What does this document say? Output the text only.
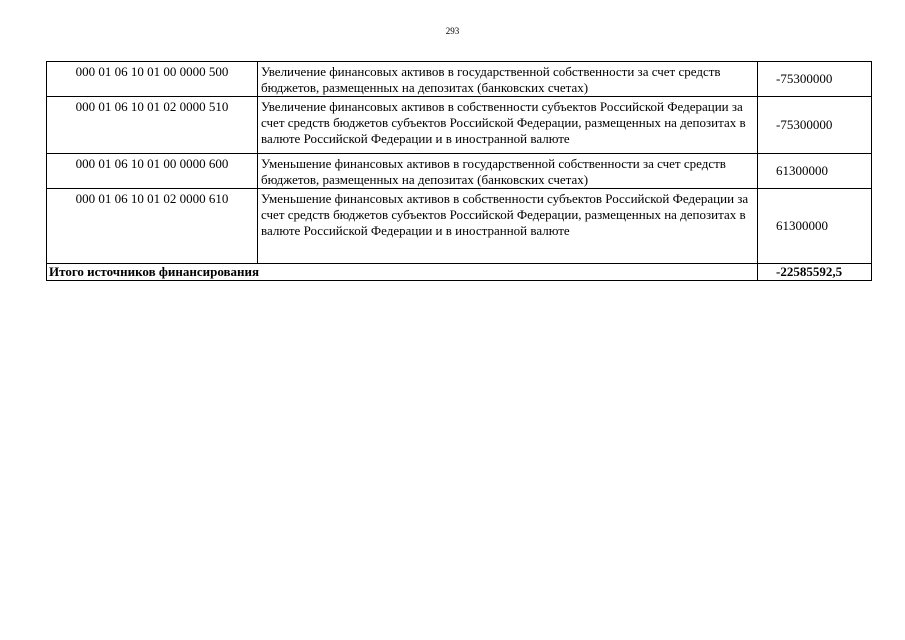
293
000 01 06 10 01 00 0000 500	Увеличение финансовых активов в государственной собственности за счет средств бюджетов, размещенных на депозитах (банковских счетах)	-75300000
000 01 06 10 01 02 0000 510	Увеличение финансовых активов в собственности субъектов Российской Федерации за счет средств бюджетов субъектов Российской Федерации, размещенных на депозитах в валюте Российской Федерации и в иностранной валюте	-75300000
000 01 06 10 01 00 0000 600	Уменьшение финансовых активов в государственной собственности за счет средств бюджетов, размещенных на депозитах (банковских счетах)	61300000
000 01 06 10 01 02 0000 610	Уменьшение финансовых активов в собственности субъектов Российской Федерации за счет средств бюджетов субъектов Российской Федерации, размещенных на депозитах в валюте Российской Федерации и в иностранной валюте	61300000
Итого источников финансирования		-22585592,5
